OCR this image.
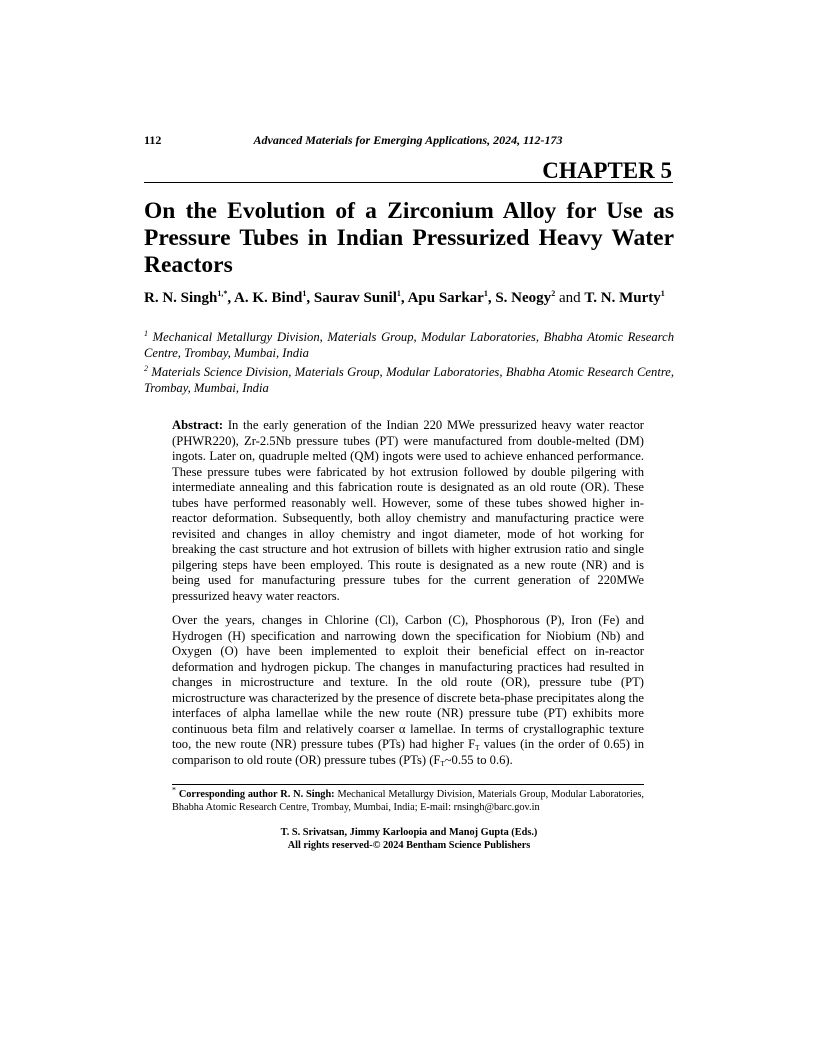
112	Advanced Materials for Emerging Applications, 2024, 112-173
CHAPTER 5
On the Evolution of a Zirconium Alloy for Use as Pressure Tubes in Indian Pressurized Heavy Water Reactors
R. N. Singh$^{1,*}$, A. K. Bind$^1$, Saurav Sunil$^1$, Apu Sarkar$^1$, S. Neogy$^2$ and T. N. Murty$^1$
$^1$ Mechanical Metallurgy Division, Materials Group, Modular Laboratories, Bhabha Atomic Research Centre, Trombay, Mumbai, India
$^2$ Materials Science Division, Materials Group, Modular Laboratories, Bhabha Atomic Research Centre, Trombay, Mumbai, India
Abstract: In the early generation of the Indian 220 MWe pressurized heavy water reactor (PHWR220), Zr-2.5Nb pressure tubes (PT) were manufactured from double-melted (DM) ingots. Later on, quadruple melted (QM) ingots were used to achieve enhanced performance. These pressure tubes were fabricated by hot extrusion followed by double pilgering with intermediate annealing and this fabrication route is designated as an old route (OR). These tubes have performed reasonably well. However, some of these tubes showed higher in-reactor deformation. Subsequently, both alloy chemistry and manufacturing practice were revisited and changes in alloy chemistry and ingot diameter, mode of hot working for breaking the cast structure and hot extrusion of billets with higher extrusion ratio and single pilgering steps have been employed. This route is designated as a new route (NR) and is being used for manufacturing pressure tubes for the current generation of 220MWe pressurized heavy water reactors.
Over the years, changes in Chlorine (Cl), Carbon (C), Phosphorous (P), Iron (Fe) and Hydrogen (H) specification and narrowing down the specification for Niobium (Nb) and Oxygen (O) have been implemented to exploit their beneficial effect on in-reactor deformation and hydrogen pickup. The changes in manufacturing practices had resulted in changes in microstructure and texture. In the old route (OR), pressure tube (PT) microstructure was characterized by the presence of discrete beta-phase precipitates along the interfaces of alpha lamellae while the new route (NR) pressure tube (PT) exhibits more continuous beta film and relatively coarser α lamellae. In terms of crystallographic texture too, the new route (NR) pressure tubes (PTs) had higher $F_T$ values (in the order of 0.65) in comparison to old route (OR) pressure tubes (PTs) ($F_T\sim 0.55$ to 0.6).
* Corresponding author R. N. Singh: Mechanical Metallurgy Division, Materials Group, Modular Laboratories, Bhabha Atomic Research Centre, Trombay, Mumbai, India; E-mail: rnsingh@barc.gov.in
T. S. Srivatsan, Jimmy Karloopia and Manoj Gupta (Eds.)
All rights reserved-© 2024 Bentham Science Publishers
